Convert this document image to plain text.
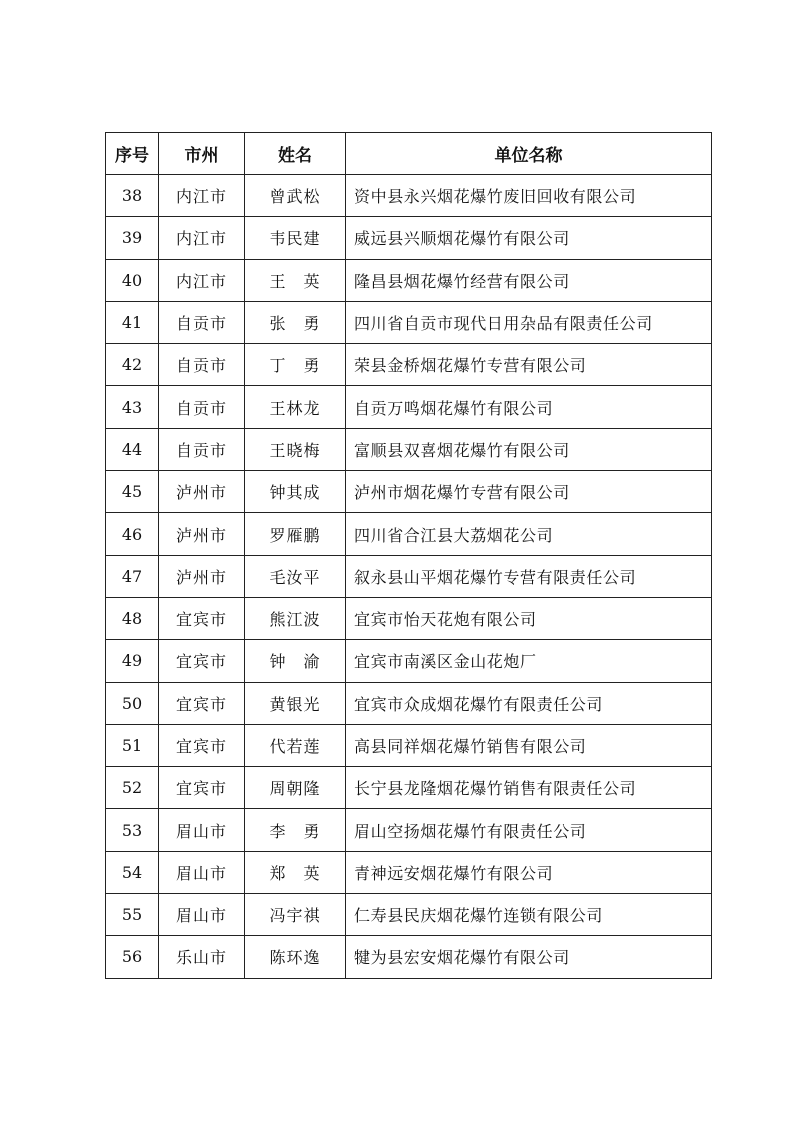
序号	市州	姓名	单位名称
38	内江市	曾武松	资中县永兴烟花爆竹废旧回收有限公司
39	内江市	韦民建	威远县兴顺烟花爆竹有限公司
40	内江市	王　英	隆昌县烟花爆竹经营有限公司
41	自贡市	张　勇	四川省自贡市现代日用杂品有限责任公司
42	自贡市	丁　勇	荣县金桥烟花爆竹专营有限公司
43	自贡市	王林龙	自贡万鸣烟花爆竹有限公司
44	自贡市	王晓梅	富顺县双喜烟花爆竹有限公司
45	泸州市	钟其成	泸州市烟花爆竹专营有限公司
46	泸州市	罗雁鹏	四川省合江县大荔烟花公司
47	泸州市	毛汝平	叙永县山平烟花爆竹专营有限责任公司
48	宜宾市	熊江波	宜宾市怡天花炮有限公司
49	宜宾市	钟　渝	宜宾市南溪区金山花炮厂
50	宜宾市	黄银光	宜宾市众成烟花爆竹有限责任公司
51	宜宾市	代若莲	高县同祥烟花爆竹销售有限公司
52	宜宾市	周朝隆	长宁县龙隆烟花爆竹销售有限责任公司
53	眉山市	李　勇	眉山空扬烟花爆竹有限责任公司
54	眉山市	郑　英	青神远安烟花爆竹有限公司
55	眉山市	冯宇祺	仁寿县民庆烟花爆竹连锁有限公司
56	乐山市	陈环逸	犍为县宏安烟花爆竹有限公司
